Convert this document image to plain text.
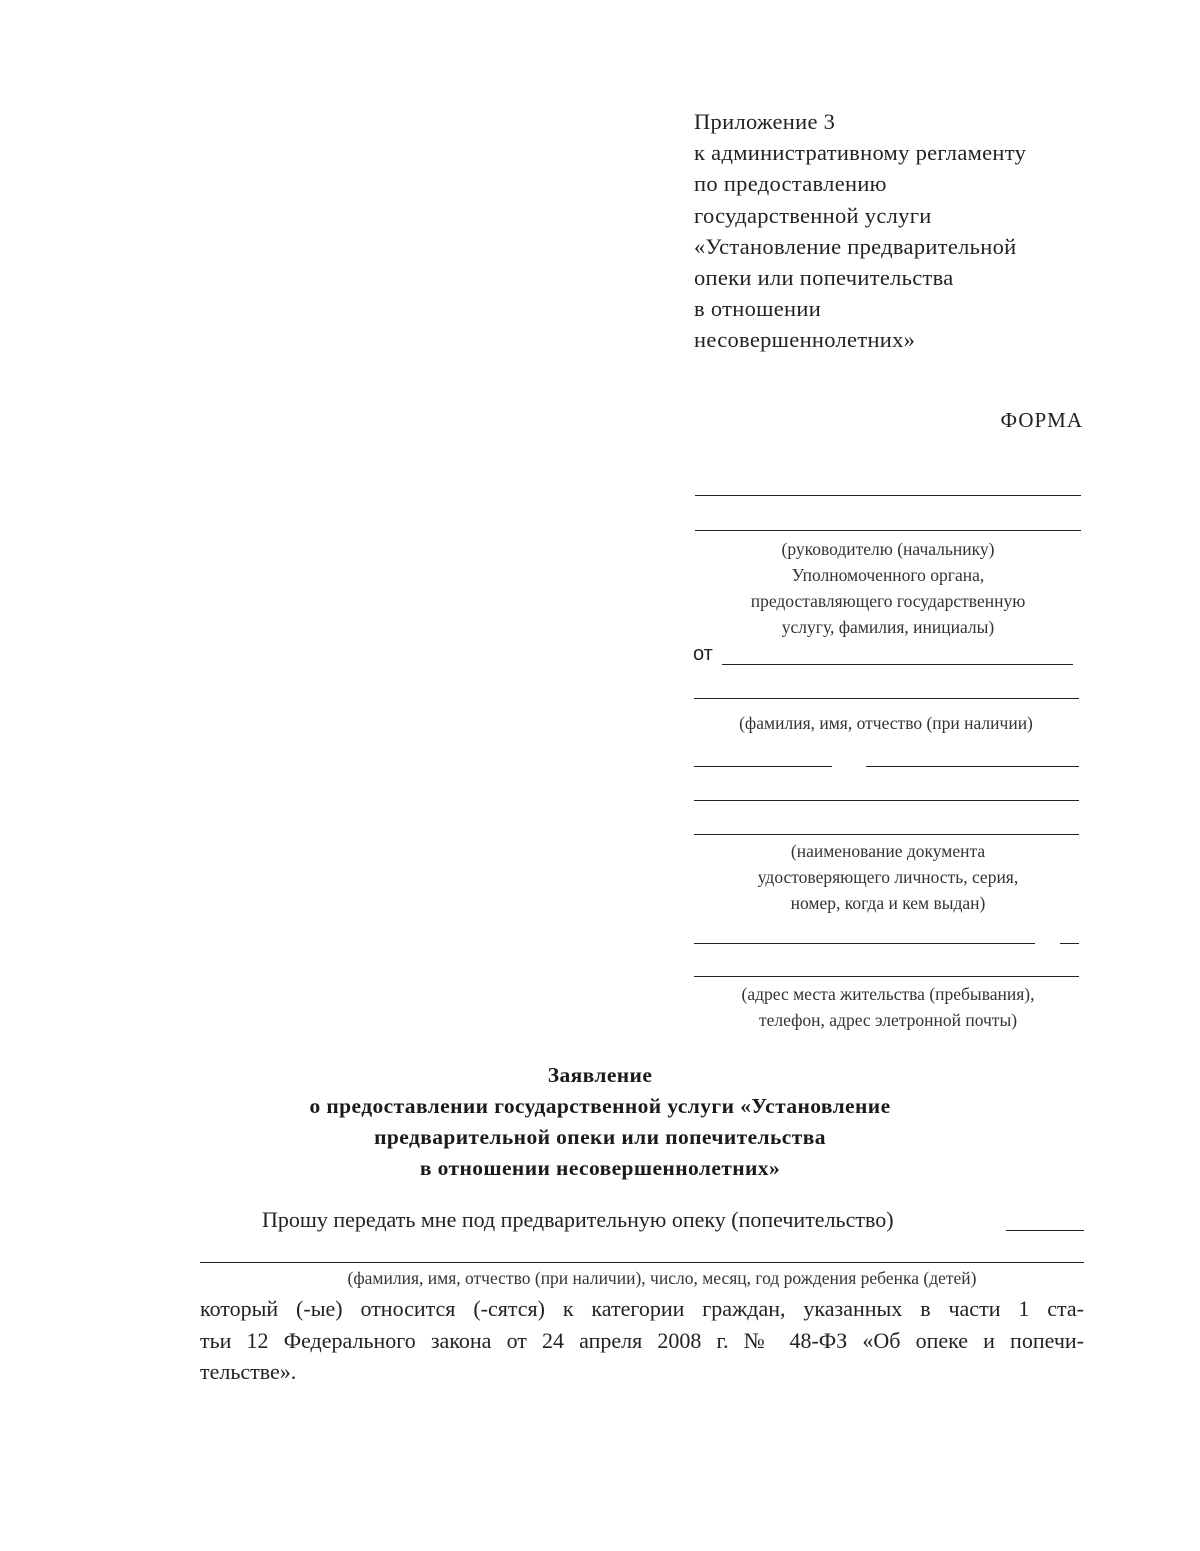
Приложение 3
к административному регламенту
по предоставлению
государственной услуги
«Установление предварительной
опеки или попечительства
в отношении
несовершеннолетних»
ФОРМА
(руководителю (начальнику)
Уполномоченного органа,
предоставляющего государственную
услугу, фамилия, инициалы)
от
(фамилия, имя, отчество (при наличии)
(наименование документа
удостоверяющего личность, серия,
номер, когда и кем выдан)
(адрес места жительства (пребывания),
телефон, адрес элетронной почты)
Заявление
о предоставлении государственной услуги «Установление
предварительной опеки или попечительства
в отношении несовершеннолетних»
Прошу передать мне под предварительную опеку (попечительство)
(фамилия, имя, отчество (при наличии), число, месяц, год рождения ребенка (детей)
который (-ые) относится (-сятся) к категории граждан, указанных в части 1 ста-
тьи 12 Федерального закона от 24 апреля 2008 г. № 48-ФЗ «Об опеке и попечи-
тельстве».
